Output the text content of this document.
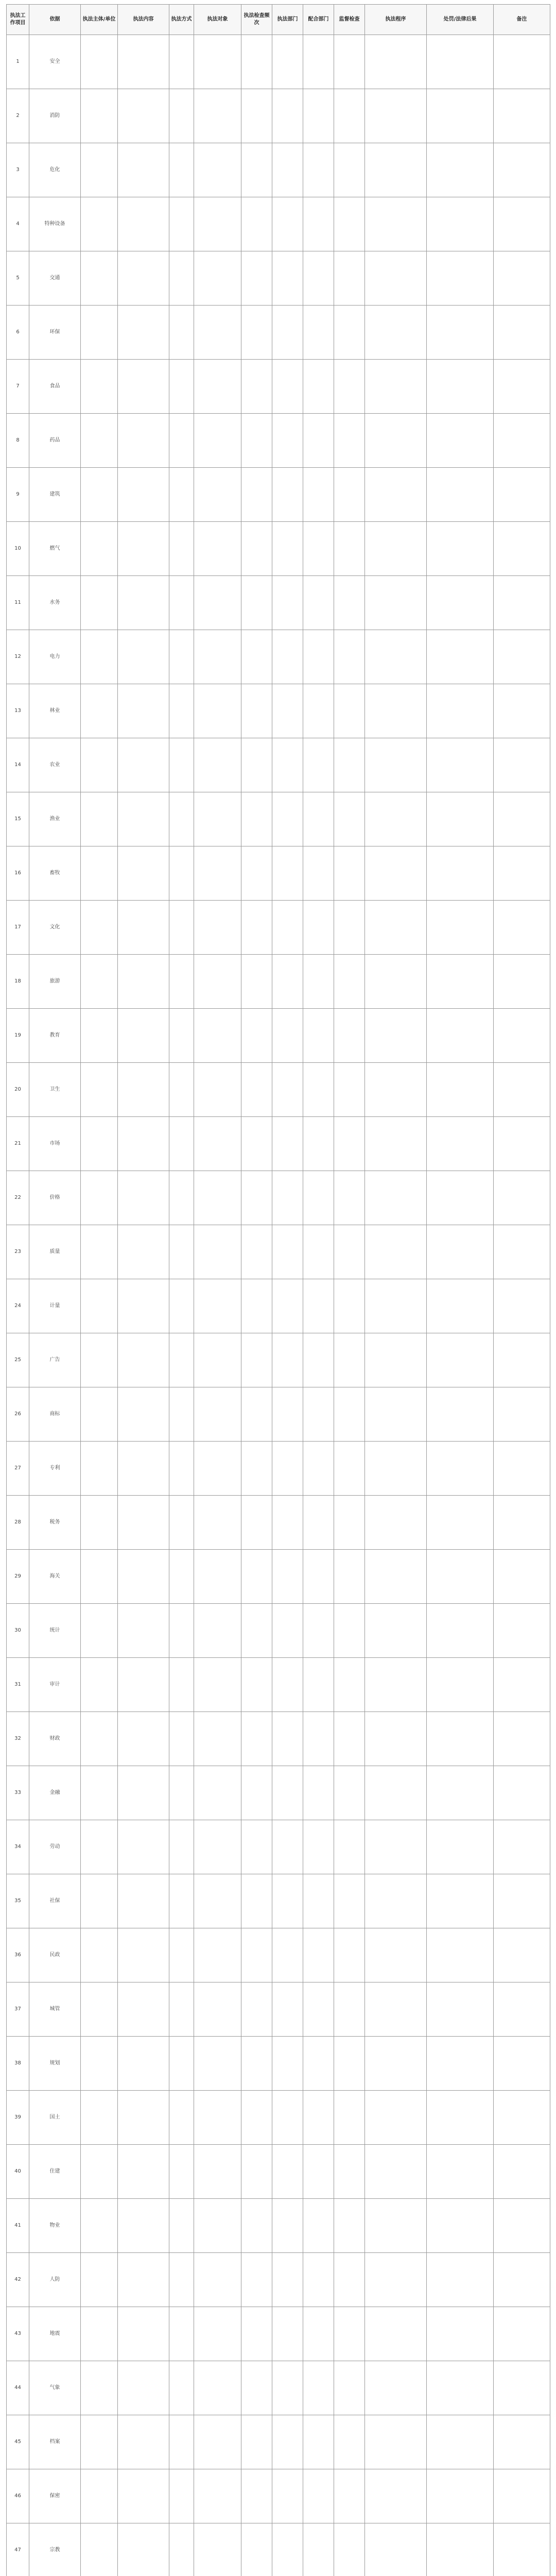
执法工作项目	依据	执法主体/单位	执法内容	执法方式	执法对象	执法检查频次	执法部门	配合部门	监督检查	执法程序	处罚/法律后果	备注
1	安全											
2	消防											
3	危化											
4	特种设备											
5	交通											
6	环保											
7	食品											
8	药品											
9	建筑											
10	燃气											
11	水务											
12	电力											
13	林业											
14	农业											
15	渔业											
16	畜牧											
17	文化											
18	旅游											
19	教育											
20	卫生											
21	市场											
22	价格											
23	质量											
24	计量											
25	广告											
26	商标											
27	专利											
28	税务											
29	海关											
30	统计											
31	审计											
32	财政											
33	金融											
34	劳动											
35	社保											
36	民政											
37	城管											
38	规划											
39	国土											
40	住建											
41	物业											
42	人防											
43	地震											
44	气象											
45	档案											
46	保密											
47	宗教											
